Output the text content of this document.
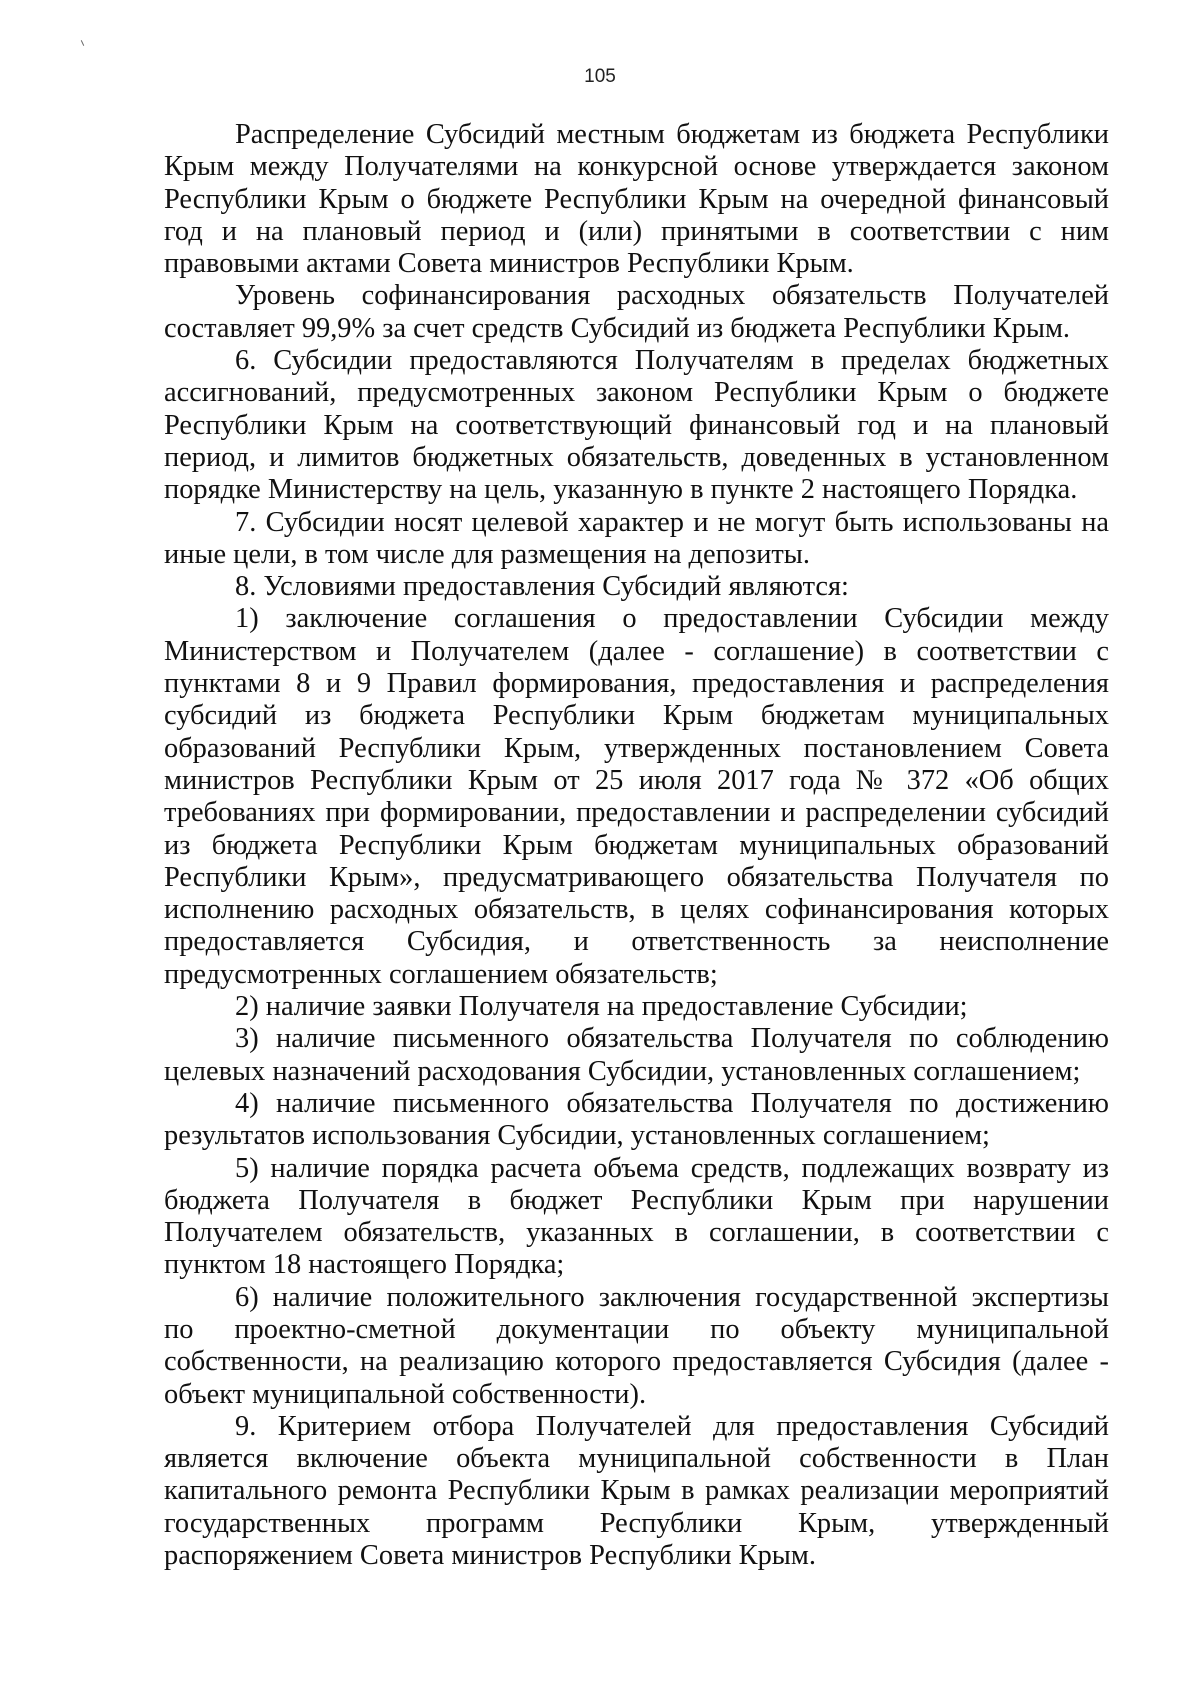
105

Распределение Субсидий местным бюджетам из бюджета Республики Крым между Получателями на конкурсной основе утверждается законом Республики Крым о бюджете Республики Крым на очередной финансовый год и на плановый период и (или) принятыми в соответствии с ним правовыми актами Совета министров Республики Крым.

Уровень софинансирования расходных обязательств Получателей составляет 99,9% за счет средств Субсидий из бюджета Республики Крым.

6. Субсидии предоставляются Получателям в пределах бюджетных ассигнований, предусмотренных законом Республики Крым о бюджете Республики Крым на соответствующий финансовый год и на плановый период, и лимитов бюджетных обязательств, доведенных в установленном порядке Министерству на цель, указанную в пункте 2 настоящего Порядка.

7. Субсидии носят целевой характер и не могут быть использованы на иные цели, в том числе для размещения на депозиты.

8. Условиями предоставления Субсидий являются:

1) заключение соглашения о предоставлении Субсидии между Министерством и Получателем (далее - соглашение) в соответствии с пунктами 8 и 9 Правил формирования, предоставления и распределения субсидий из бюджета Республики Крым бюджетам муниципальных образований Республики Крым, утвержденных постановлением Совета министров Республики Крым от 25 июля 2017 года № 372 «Об общих требованиях при формировании, предоставлении и распределении субсидий из бюджета Республики Крым бюджетам муниципальных образований Республики Крым», предусматривающего обязательства Получателя по исполнению расходных обязательств, в целях софинансирования которых предоставляется Субсидия, и ответственность за неисполнение предусмотренных соглашением обязательств;

2) наличие заявки Получателя на предоставление Субсидии;

3) наличие письменного обязательства Получателя по соблюдению целевых назначений расходования Субсидии, установленных соглашением;

4) наличие письменного обязательства Получателя по достижению результатов использования Субсидии, установленных соглашением;

5) наличие порядка расчета объема средств, подлежащих возврату из бюджета Получателя в бюджет Республики Крым при нарушении Получателем обязательств, указанных в соглашении, в соответствии с пунктом 18 настоящего Порядка;

6) наличие положительного заключения государственной экспертизы по проектно-сметной документации по объекту муниципальной собственности, на реализацию которого предоставляется Субсидия (далее - объект муниципальной собственности).

9. Критерием отбора Получателей для предоставления Субсидий является включение объекта муниципальной собственности в План капитального ремонта Республики Крым в рамках реализации мероприятий государственных программ Республики Крым, утвержденный распоряжением Совета министров Республики Крым.
